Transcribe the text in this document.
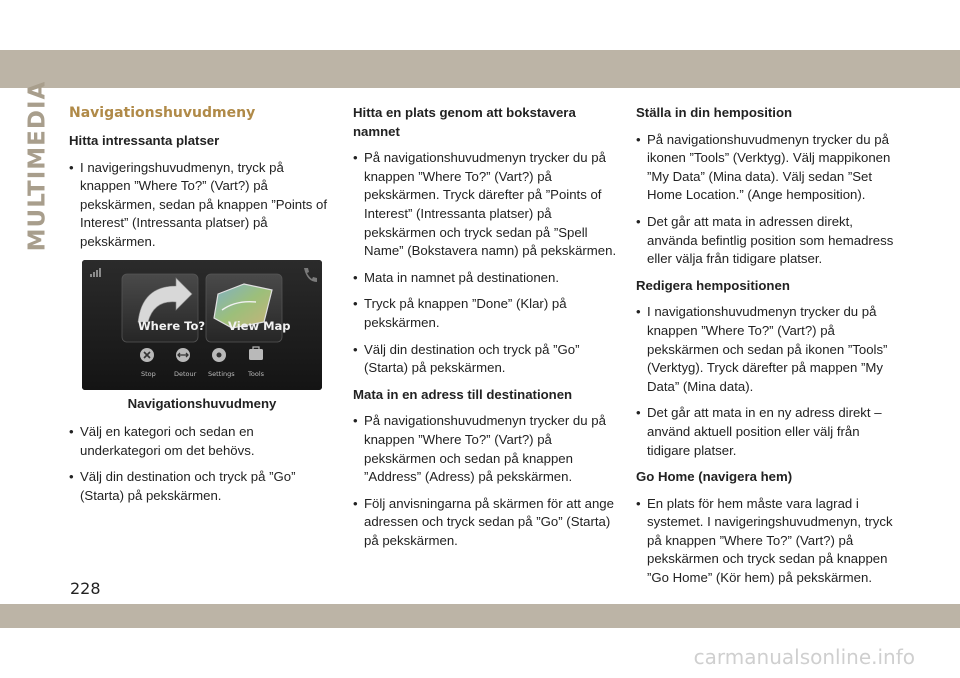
MULTIMEDIA Navigationshuvudmeny
Hitta intressanta platser
• I navigeringshuvudmenyn, tryck på knappen ”Where To?” (Vart?) på pekskärmen, sedan på knappen ”Points of Interest” (Intressanta platser) på pekskärmen.
Where To? View Map
Stop	Detour Settings Tools
Navigationshuvudmeny
• Välj en kategori och sedan en underkategori om det behövs.
• Välj din destination och tryck på ”Go” (Starta) på pekskärmen.
Hitta en plats genom att bokstavera namnet
• På navigationshuvudmenyn trycker du på knappen ”Where To?” (Vart?) på pekskärmen. Tryck därefter på ”Points of Interest” (Intressanta platser) på pekskärmen och tryck sedan på ”Spell Name” (Bokstavera namn) på pekskärmen.
• Mata in namnet på destinationen.
• Tryck på knappen ”Done” (Klar) på pekskärmen.
• Välj din destination och tryck på ”Go” (Starta) på pekskärmen.
Mata in en adress till destinationen
• På navigationshuvudmenyn trycker du på knappen ”Where To?” (Vart?) på pekskärmen och sedan på knappen ”Address” (Adress) på pekskärmen.
• Följ anvisningarna på skärmen för att ange adressen och tryck sedan på ”Go” (Starta) på pekskärmen.
Ställa in din hemposition
• På navigationshuvudmenyn trycker du på ikonen ”Tools” (Verktyg). Välj mappikonen ”My Data” (Mina data). Välj sedan ”Set Home Location.” (Ange hemposition).
• Det går att mata in adressen direkt, använda befintlig position som hemadress eller välja från tidigare platser.
Redigera hempositionen
• I navigationshuvudmenyn trycker du på knappen ”Where To?” (Vart?) på pekskärmen och sedan på ikonen ”Tools” (Verktyg). Tryck därefter på mappen ”My Data” (Mina data).
• Det går att mata in en ny adress direkt – använd aktuell position eller välj från tidigare platser.
Go Home (navigera hem)
• En plats för hem måste vara lagrad i systemet. I navigeringshuvudmenyn, tryck på knappen ”Where To?” (Vart?) på pekskärmen och tryck sedan på knappen ”Go Home” (Kör hem) på pekskärmen.
228
carmanualsonline.info
